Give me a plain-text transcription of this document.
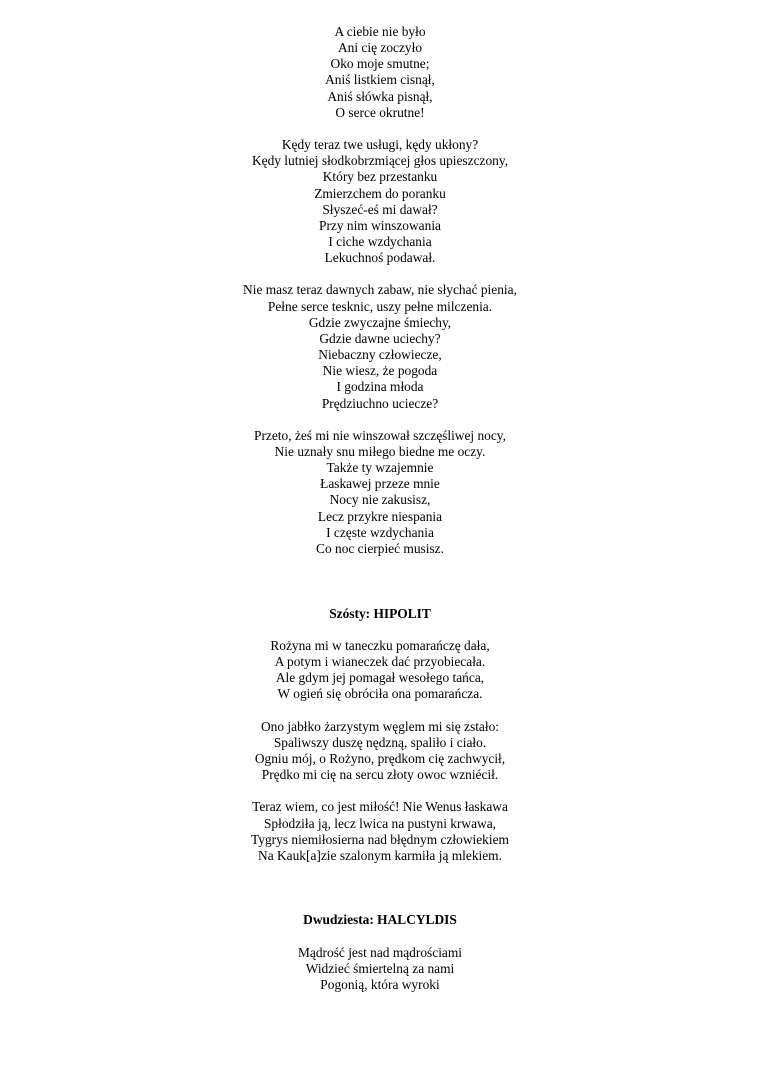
A ciebie nie było
Ani cię zoczyło
Oko moje smutne;
Aniś listkiem cisnął,
Aniś słówka pisnął,
O serce okrutne!
Kędy teraz twe usługi, kędy ukłony?
Kędy lutniej słodkobrzmiącej głos upieszczony,
Który bez przestanku
Zmierzchem do poranku
Słyszeć-eś mi dawał?
Przy nim winszowania
I ciche wzdychania
Lekuchnoś podawał.
Nie masz teraz dawnych zabaw, nie słychać pienia,
Pełne serce tesknic, uszy pełne milczenia.
Gdzie zwyczajne śmiechy,
Gdzie dawne uciechy?
Niebaczny człowiecze,
Nie wiesz, że pogoda
I godzina młoda
Prędziuchno uciecze?
Przeto, żeś mi nie winszował szczęśliwej nocy,
Nie uznały snu miłego biedne me oczy.
Także ty wzajemnie
Łaskawej przeze mnie
Nocy nie zakusisz,
Lecz przykre niespania
I częste wzdychania
Co noc cierpieć musisz.
Szósty: HIPOLIT
Rożyna mi w taneczku pomarańczę dała,
A potym i wianeczek dać przyobiecała.
Ale gdym jej pomagał wesołego tańca,
W ogień się obróciła ona pomarańcza.
Ono jabłko żarzystym węglem mi się zstało:
Spaliwszy duszę nędzną, spaliło i ciało.
Ogniu mój, o Rożyno, prędkom cię zachwycił,
Prędko mi cię na sercu złoty owoc wzniécił.
Teraz wiem, co jest miłość! Nie Wenus łaskawa
Spłodziła ją, lecz lwica na pustyni krwawa,
Tygrys niemiłosierna nad błędnym człowiekiem
Na Kauk[a]zie szalonym karmiła ją mlekiem.
Dwudziesta: HALCYLDIS
Mądrość jest nad mądrościami
Widzieć śmiertelną za nami
Pogonią, która wyroki
